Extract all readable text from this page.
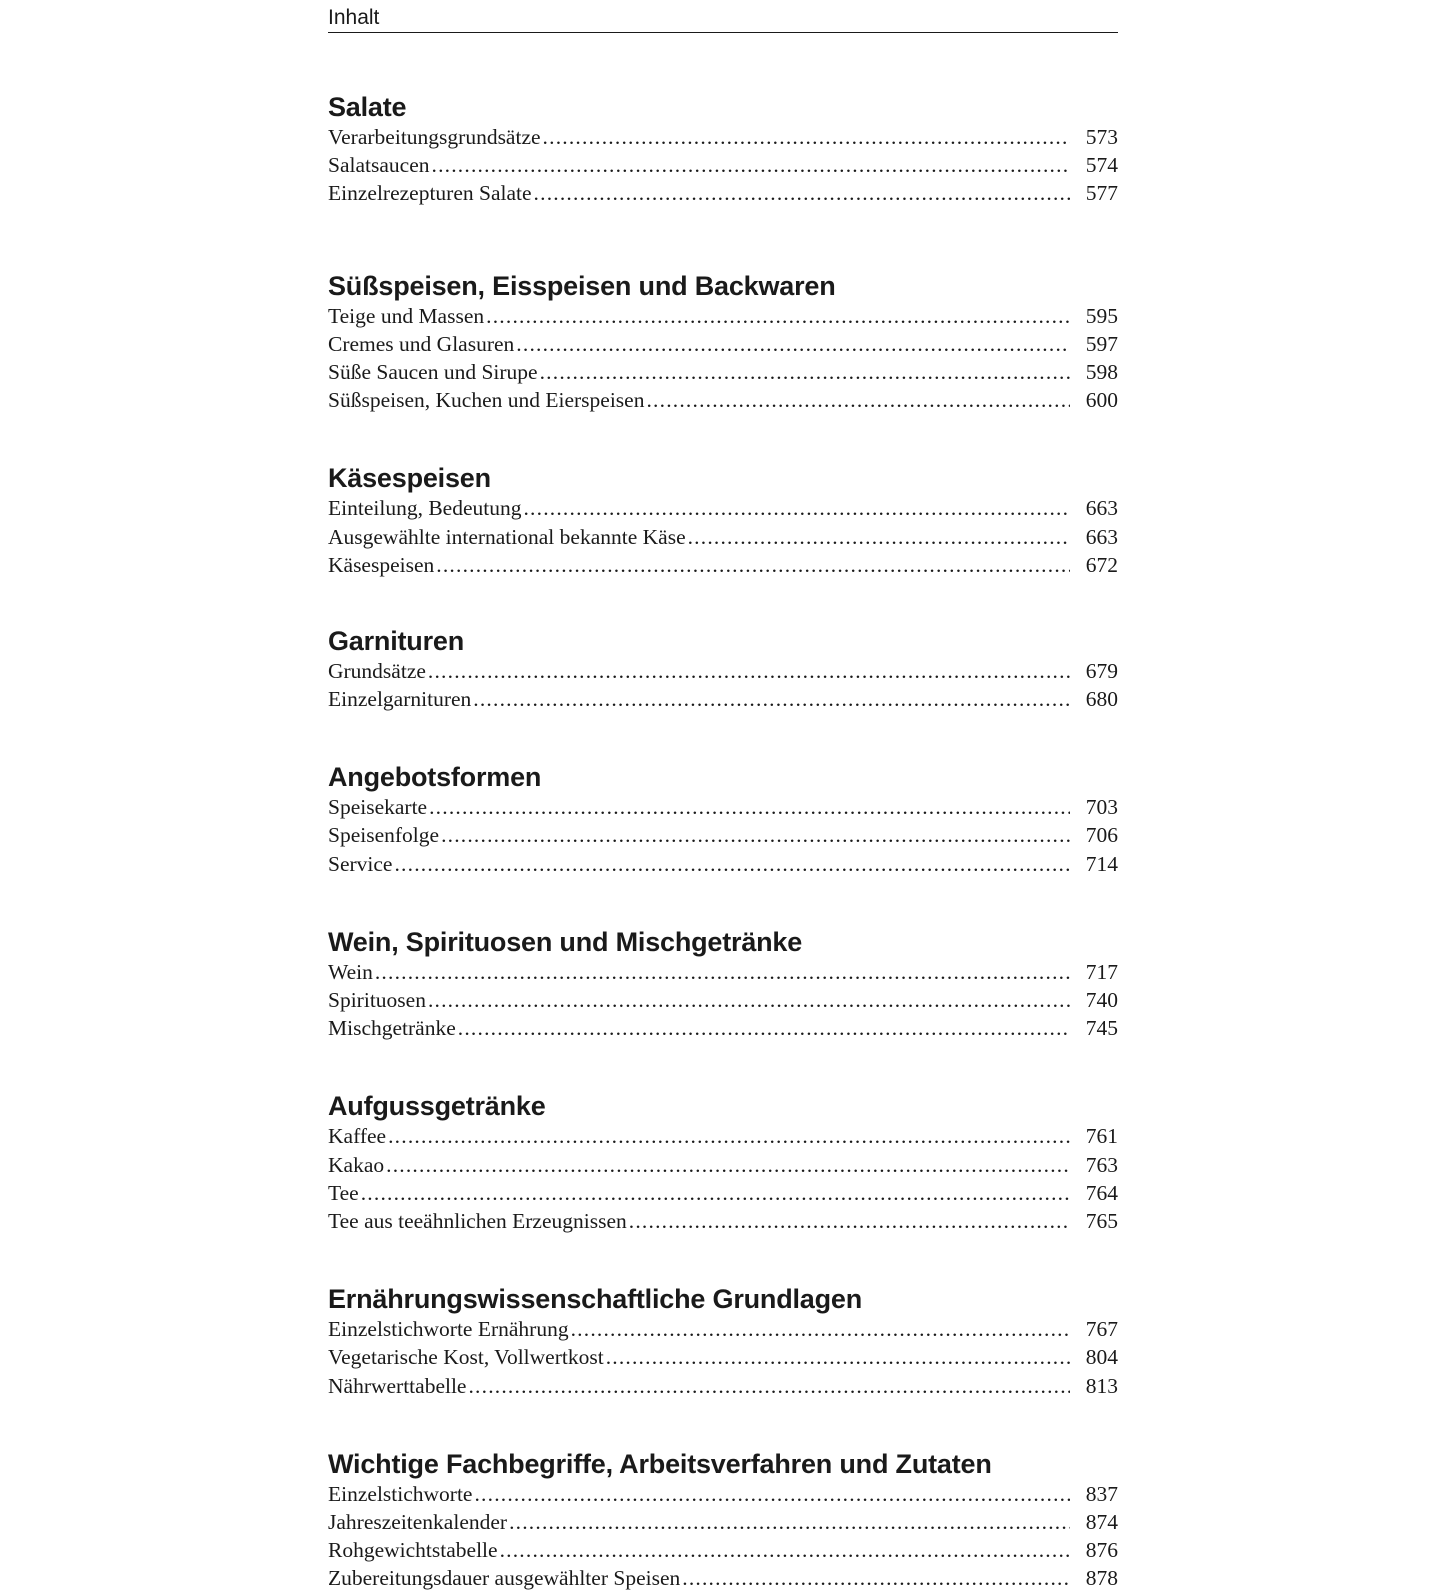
Inhalt
Salate
Verarbeitungsgrundsätze .....	573
Salatsaucen .....	574
Einzelrezepturen Salate .....	577
Süßspeisen, Eisspeisen und Backwaren
Teige und Massen .....	595
Cremes und Glasuren .....	597
Süße Saucen und Sirupe .....	598
Süßspeisen, Kuchen und Eierspeisen .....	600
Käsespeisen
Einteilung, Bedeutung .....	663
Ausgewählte international bekannte Käse .....	663
Käsespeisen .....	672
Garnituren
Grundsätze .....	679
Einzelgarnituren .....	680
Angebotsformen
Speisekarte .....	703
Speisenfolge .....	706
Service .....	714
Wein, Spirituosen und Mischgetränke
Wein .....	717
Spirituosen .....	740
Mischgetränke .....	745
Aufgussgetränke
Kaffee .....	761
Kakao .....	763
Tee .....	764
Tee aus teeähnlichen Erzeugnissen .....	765
Ernährungswissenschaftliche Grundlagen
Einzelstichworte Ernährung .....	767
Vegetarische Kost, Vollwertkost .....	804
Nährwerttabelle .....	813
Wichtige Fachbegriffe, Arbeitsverfahren und Zutaten
Einzelstichworte .....	837
Jahreszeitenkalender .....	874
Rohgewichtstabelle .....	876
Zubereitungsdauer ausgewählter Speisen .....	878
